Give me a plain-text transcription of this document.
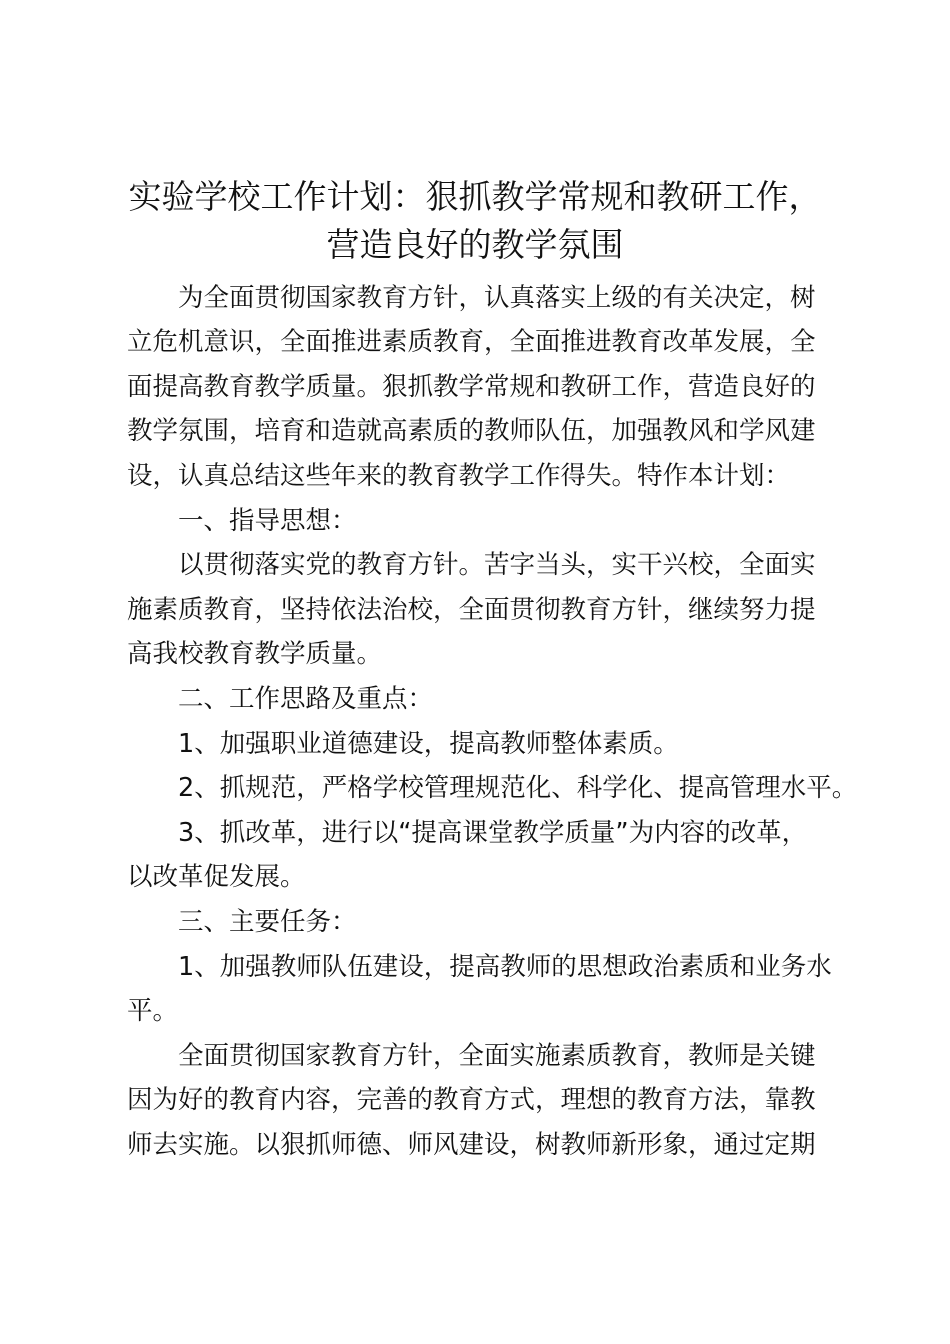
实验学校工作计划：狠抓教学常规和教研工作，
营造良好的教学氛围

为全面贯彻国家教育方针，认真落实上级的有关决定，树

立危机意识，全面推进素质教育，全面推进教育改革发展，全

面提高教育教学质量。狠抓教学常规和教研工作，营造良好的

教学氛围，培育和造就高素质的教师队伍，加强教风和学风建

设，认真总结这些年来的教育教学工作得失。特作本计划：

一、指导思想：

以贯彻落实党的教育方针。苦字当头，实干兴校，全面实

施素质教育，坚持依法治校，全面贯彻教育方针，继续努力提

高我校教育教学质量。

二、工作思路及重点：

1、加强职业道德建设，提高教师整体素质。

2、抓规范，严格学校管理规范化、科学化、提高管理水平。

3、抓改革，进行以“提高课堂教学质量”为内容的改革，

以改革促发展。

三、主要任务：

1、加强教师队伍建设，提高教师的思想政治素质和业务水

平。

全面贯彻国家教育方针，全面实施素质教育，教师是关键

因为好的教育内容，完善的教育方式，理想的教育方法，靠教

师去实施。以狠抓师德、师风建设，树教师新形象，通过定期
